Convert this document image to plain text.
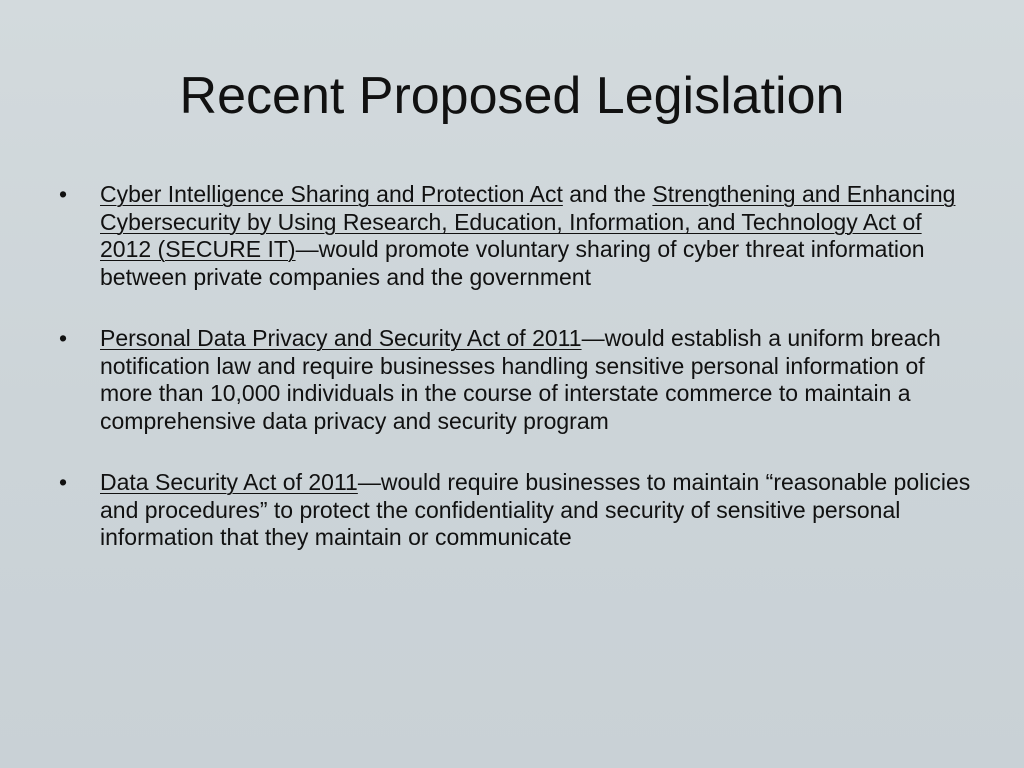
Recent Proposed Legislation
• Cyber Intelligence Sharing and Protection Act and the Strengthening and Enhancing Cybersecurity by Using Research, Education, Information, and Technology Act of 2012 (SECURE IT)—would promote voluntary sharing of cyber threat information between private companies and the government
• Personal Data Privacy and Security Act of 2011—would establish a uniform breach notification law and require businesses handling sensitive personal information of more than 10,000 individuals in the course of interstate commerce to maintain a comprehensive data privacy and security program
• Data Security Act of 2011—would require businesses to maintain “reasonable policies and procedures” to protect the confidentiality and security of sensitive personal information that they maintain or communicate
